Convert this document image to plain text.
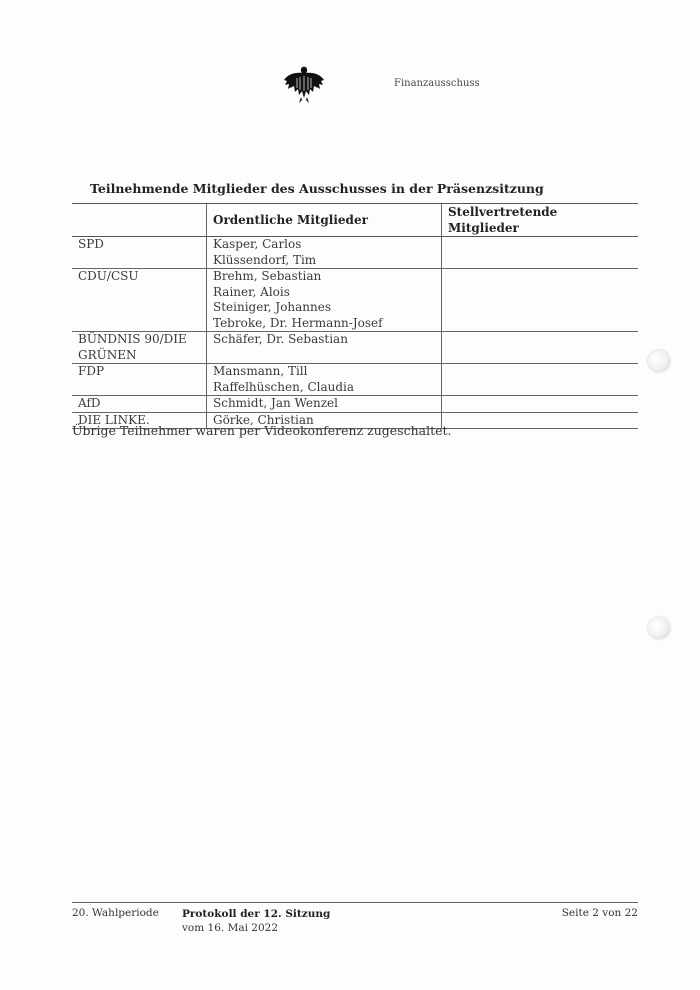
Finanzausschuss
Teilnehmende Mitglieder des Ausschusses in der Präsenzsitzung
	Ordentliche Mitglieder	Stellvertretende Mitglieder
SPD	Kasper, Carlos
Klüssendorf, Tim	
CDU/CSU	Brehm, Sebastian
Rainer, Alois
Steiniger, Johannes
Tebroke, Dr. Hermann-Josef	
BÜNDNIS 90/DIE GRÜNEN	Schäfer, Dr. Sebastian	
FDP	Mansmann, Till
Raffelhüschen, Claudia	
AfD	Schmidt, Jan Wenzel	
DIE LINKE.	Görke, Christian	
Übrige Teilnehmer waren per Videokonferenz zugeschaltet.
20. Wahlperiode Protokoll der 12. Sitzung
vom 16. Mai 2022
Seite 2 von 22
